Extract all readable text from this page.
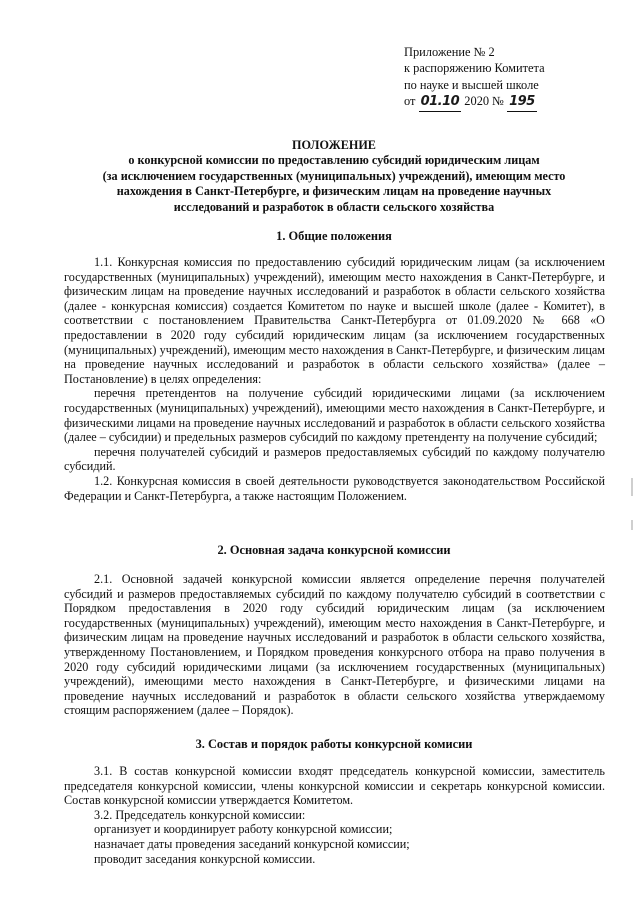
Приложение № 2
к распоряжению Комитета
по науке и высшей школе
от 01.10 2020 № 195
ПОЛОЖЕНИЕ
о конкурсной комиссии по предоставлению субсидий юридическим лицам
(за исключением государственных (муниципальных) учреждений), имеющим место
нахождения в Санкт-Петербурге, и физическим лицам на проведение научных
исследований и разработок в области сельского хозяйства
1. Общие положения

1.1. Конкурсная комиссия по предоставлению субсидий юридическим лицам (за исключением государственных (муниципальных) учреждений), имеющим место нахождения в Санкт-Петербурге, и физическим лицам на проведение научных исследований и разработок в области сельского хозяйства (далее - конкурсная комиссия) создается Комитетом по науке и высшей школе (далее - Комитет), в соответствии с постановлением Правительства Санкт-Петербурга от 01.09.2020 № 668 «О предоставлении в 2020 году субсидий юридическим лицам (за исключением государственных (муниципальных) учреждений), имеющим место нахождения в Санкт-Петербурге, и физическим лицам на проведение научных исследований и разработок в области сельского хозяйства» (далее – Постановление) в целях определения:

перечня претендентов на получение субсидий юридическими лицами (за исключением государственных (муниципальных) учреждений), имеющими место нахождения в Санкт-Петербурге, и физическими лицами на проведение научных исследований и разработок в области сельского хозяйства (далее – субсидии) и предельных размеров субсидий по каждому претенденту на получение субсидий;

перечня получателей субсидий и размеров предоставляемых субсидий по каждому получателю субсидий.

1.2. Конкурсная комиссия в своей деятельности руководствуется законодательством Российской Федерации и Санкт-Петербурга, а также настоящим Положением.

2. Основная задача конкурсной комиссии

2.1. Основной задачей конкурсной комиссии является определение перечня получателей субсидий и размеров предоставляемых субсидий по каждому получателю субсидий в соответствии с Порядком предоставления в 2020 году субсидий юридическим лицам (за исключением государственных (муниципальных) учреждений), имеющим место нахождения в Санкт-Петербурге, и физическим лицам на проведение научных исследований и разработок в области сельского хозяйства, утвержденному Постановлением, и Порядком проведения конкурсного отбора на право получения в 2020 году субсидий юридическими лицами (за исключением государственных (муниципальных) учреждений), имеющими место нахождения в Санкт-Петербурге, и физическими лицами на проведение научных исследований и разработок в области сельского хозяйства утверждаемому стоящим распоряжением (далее – Порядок).

3. Состав и порядок работы конкурсной комисии

3.1. В состав конкурсной комиссии входят председатель конкурсной комиссии, заместитель председателя конкурсной комиссии, члены конкурсной комиссии и секретарь конкурсной комиссии. Состав конкурсной комиссии утверждается Комитетом.

3.2. Председатель конкурсной комиссии:

организует и координирует работу конкурсной комиссии;

назначает даты проведения заседаний конкурсной комиссии;

проводит заседания конкурсной комиссии.
